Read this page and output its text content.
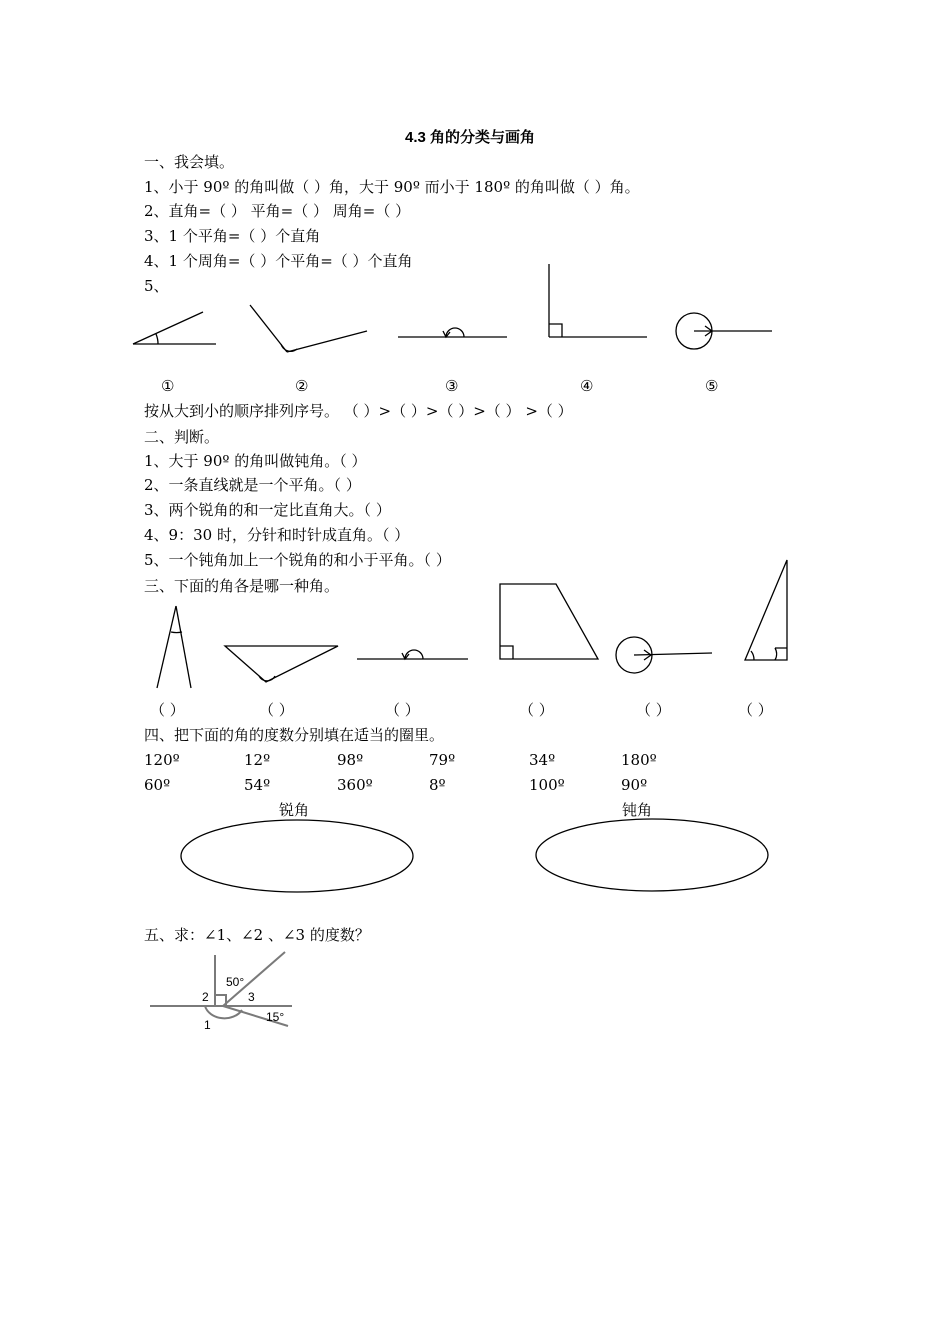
4.3 角的分类与画角
一、我会填。
1、小于 90º 的角叫做（ ）角，大于 90º 而小于 180º 的角叫做（ ）角。
2、直角=（ ） 平角=（ ） 周角=（ ）
3、1 个平角=（ ）个直角
4、1 个周角=（ ）个平角=（ ）个直角
5、
①	②	③	④	⑤
按从大到小的顺序排列序号。 （ ）>（ ）>（ ）>（ ） >（ ）
二、判断。
1、大于 90º 的角叫做钝角。（ ）
2、一条直线就是一个平角。（ ）
3、两个锐角的和一定比直角大。（ ）
4、9：30 时，分针和时针成直角。（ ）
5、一个钝角加上一个锐角的和小于平角。（ ）
三、下面的角各是哪一种角。
（ ）	（ ）	（ ）	（ ）	（ ）	（ ）
四、把下面的角的度数分别填在适当的圈里。
120º	12º	98º	79º	34º	180º
60º	54º	360º	8º	100º	90º
锐角	钝角
五、求：∠1、∠2 、∠3 的度数？
50°
2	3
15°
1
